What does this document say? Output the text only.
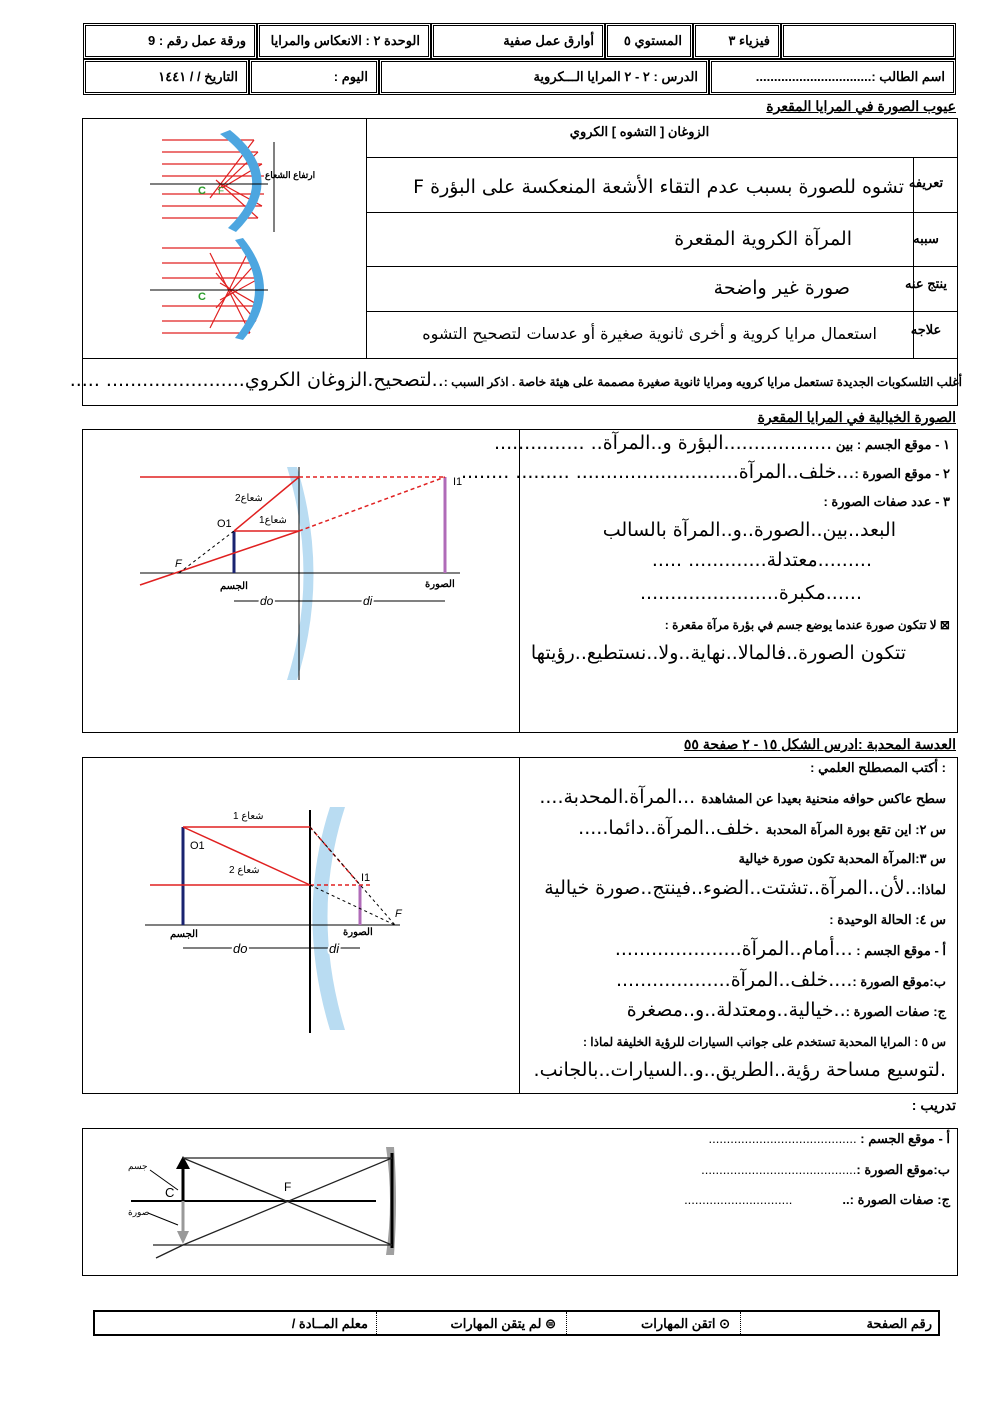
ورقة عمل رقم : 9	الوحدة ٢ : الانعكاس والمرايا	أوارق عمل صفية	المستوي ٥	فيزياء ٣
التاريخ / / ١٤٤١	اليوم :	الدرس : ٢ - ٢ المرايا الـــكروية	اسم الطالب :................................
عيوب الصورة في المرايا المقعرة
الزوغان [ التشوه ] الكروي
تعريفه
تشوه للصورة بسبب عدم التقاء الأشعة المنعكسة على البؤرة F
سببه
المرآة الكروية المقعرة
ينتج عنه
صورة غير واضحة
علاجه
استعمال مرايا كروية و أخرى ثانوية صغيرة أو عدسات لتصحيح التشوه
أغلب التلسكوبات الجديدة تستعمل مرايا كرويه ومرايا ثانوية صغيرة مصممة على هيئة خاصة . اذكر السبب :..لتصحيح.الزوغان الكروي....................... .....
C
C
F
ارتفاع الشعاع
الصورة الخيالية في المرايا المقعرة
١ - موقع الجسم : بين ..................البؤرة و..المرآة.. ...............
٢ - موقع الصورة :...خلف..المرآة........................... ......... ........
٣ - عدد صفات الصورة :
البعد..بين..الصورة..و..المرآة بالسالب
.........معتدلة............. .....
......مكبرة.......................
⊠ لا تتكون صورة عندما يوضع جسم في بؤرة مرآة مقعرة :
تتكون الصورة..فالمالا..نهاية..ولا..نستطيع..رؤيتها
شعاع2
شعاع1
O1
I1
F
الجسم	الصورة
do	di
العدسة المحدبة :ادرس الشكل ١٥ - ٢ صفحة ٥٥
: أكتب المصطلح العلمي :
سطح عاكس حوافه منحنية بعيدا عن المشاهدة ...المرآة.المحدبة....
س ٢: اين تقع بورة المرآة المحدبة .خلف..المرآة..دائما.....
س ٣:المرآة المحدبة تكون صورة خيالية
لماذا:..لأن..المرآة..تشتت..الضوء..فينتج..صورة خيالية
س ٤: الحالة الوحيدة :
أ - موقع الجسم : ...أمام..المرآة.....................
ب:موقع الصورة :....خلف..المرآة...................
ج: صفات الصورة :..خيالية..ومعتدلة..و..مصغرة
س ٥ : المرايا المحدبة تستخدم على جوانب السيارات للرؤية الخليفة لماذا :
.لتوسيع مساحة رؤية..الطريق..و..السيارات..بالجانب.
شعاع 1
شعاع 2
O1
I1
F
الجسم	الصورة
do	di
تدريب :
أ - موقع الجسم : .........................................
ب:موقع الصورة :...........................................
ج: صفات الصورة :................................
جسم
صورة
C	F
رقم الصفحة
⊙ اتقن المهارات
⊜ لم يتقن المهارات
معلم المــادة /
